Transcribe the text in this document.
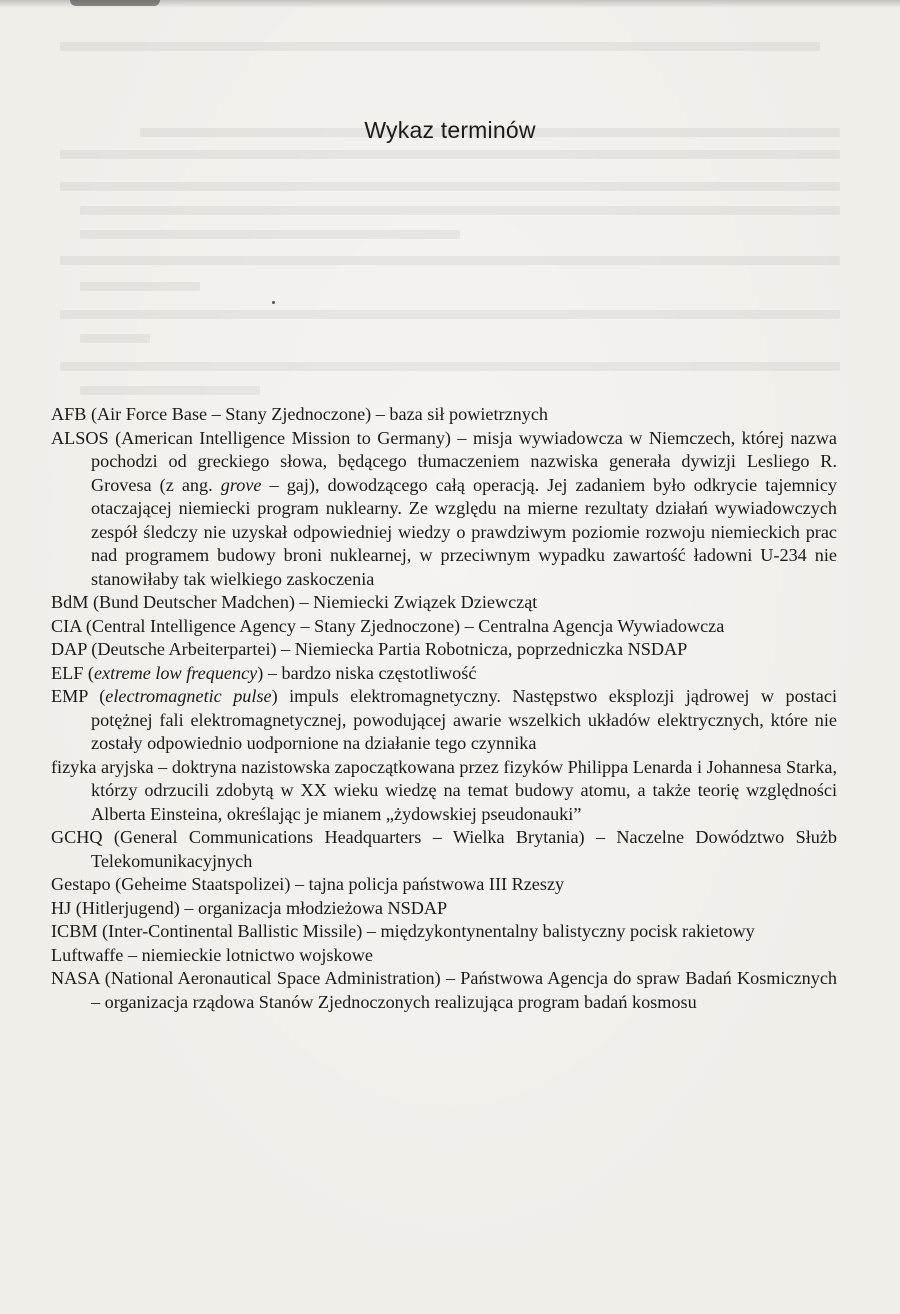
Wykaz terminów

AFB (Air Force Base – Stany Zjednoczone) – baza sił powietrznych

ALSOS (American Intelligence Mission to Germany) – misja wywiadowcza w Niemczech, której nazwa pochodzi od greckiego słowa, będącego tłumaczeniem nazwiska generała dywizji Lesliego R. Grovesa (z ang. grove – gaj), dowodzącego całą operacją. Jej zadaniem było odkrycie tajemnicy otaczającej niemiecki program nuklearny. Ze względu na mierne rezultaty działań wywiadowczych zespół śledczy nie uzyskał odpowiedniej wiedzy o prawdziwym poziomie rozwoju niemieckich prac nad programem budowy broni nuklearnej, w przeciwnym wypadku zawartość ładowni U-234 nie stanowiłaby tak wielkiego zaskoczenia

BdM (Bund Deutscher Madchen) – Niemiecki Związek Dziewcząt

CIA (Central Intelligence Agency – Stany Zjednoczone) – Centralna Agencja Wywiadowcza

DAP (Deutsche Arbeiterpartei) – Niemiecka Partia Robotnicza, poprzedniczka NSDAP

ELF (extreme low frequency) – bardzo niska częstotliwość

EMP (electromagnetic pulse) impuls elektromagnetyczny. Następstwo eksplozji jądrowej w postaci potężnej fali elektromagnetycznej, powodującej awarie wszelkich układów elektrycznych, które nie zostały odpowiednio uodpornione na działanie tego czynnika

fizyka aryjska – doktryna nazistowska zapoczątkowana przez fizyków Philippa Lenarda i Johannesa Starka, którzy odrzucili zdobytą w XX wieku wiedzę na temat budowy atomu, a także teorię względności Alberta Einsteina, określając je mianem „żydowskiej pseudonauki”

GCHQ (General Communications Headquarters – Wielka Brytania) – Naczelne Dowództwo Służb Telekomunikacyjnych

Gestapo (Geheime Staatspolizei) – tajna policja państwowa III Rzeszy

HJ (Hitlerjugend) – organizacja młodzieżowa NSDAP

ICBM (Inter-Continental Ballistic Missile) – międzykontynentalny balistyczny pocisk rakietowy

Luftwaffe – niemieckie lotnictwo wojskowe

NASA (National Aeronautical Space Administration) – Państwowa Agencja do spraw Badań Kosmicznych – organizacja rządowa Stanów Zjednoczonych realizująca program badań kosmosu
